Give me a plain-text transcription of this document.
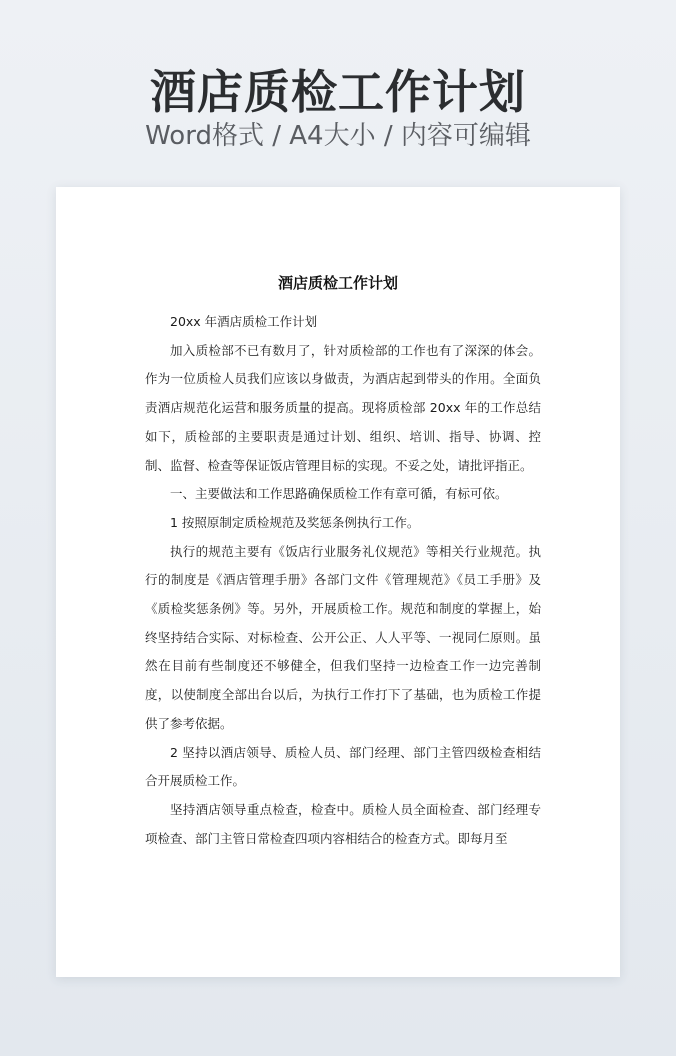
酒店质检工作计划
Word格式 / A4大小 / 内容可编辑
酒店质检工作计划

20xx 年酒店质检工作计划

加入质检部不已有数月了，针对质检部的工作也有了深深的体会。作为一位质检人员我们应该以身做责，为酒店起到带头的作用。全面负责酒店规范化运营和服务质量的提高。现将质检部 20xx 年的工作总结如下，质检部的主要职责是通过计划、组织、培训、指导、协调、控制、监督、检查等保证饭店管理目标的实现。不妥之处，请批评指正。

一、主要做法和工作思路确保质检工作有章可循，有标可依。

1 按照原制定质检规范及奖惩条例执行工作。

执行的规范主要有《饭店行业服务礼仪规范》等相关行业规范。执行的制度是《酒店管理手册》各部门文件《管理规范》《员工手册》及《质检奖惩条例》等。另外，开展质检工作。规范和制度的掌握上，始终坚持结合实际、对标检查、公开公正、人人平等、一视同仁原则。虽然在目前有些制度还不够健全，但我们坚持一边检查工作一边完善制度，以使制度全部出台以后，为执行工作打下了基础，也为质检工作提供了参考依据。

2 坚持以酒店领导、质检人员、部门经理、部门主管四级检查相结合开展质检工作。

坚持酒店领导重点检查，检查中。质检人员全面检查、部门经理专项检查、部门主管日常检查四项内容相结合的检查方式。即每月至
